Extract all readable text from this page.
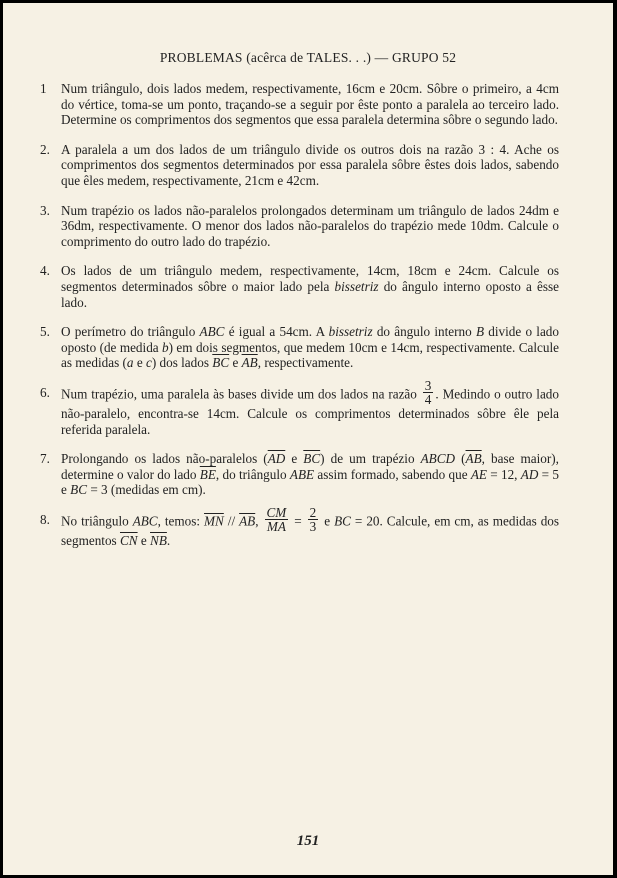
PROBLEMAS (acêrca de TALES. . .) — GRUPO 52
1 Num triângulo, dois lados medem, respectivamente, 16cm e 20cm. Sôbre o primeiro, a 4cm do vértice, toma-se um ponto, traçando-se a seguir por êste ponto a paralela ao terceiro lado. Determine os comprimentos dos segmentos que essa paralela determina sôbre o segundo lado.
2. A paralela a um dos lados de um triângulo divide os outros dois na razão 3 : 4. Ache os comprimentos dos segmentos determinados por essa paralela sôbre êstes dois lados, sabendo que êles medem, respectivamente, 21cm e 42cm.
3. Num trapézio os lados não-paralelos prolongados determinam um triângulo de lados 24dm e 36dm, respectivamente. O menor dos lados não-paralelos do trapézio mede 10dm. Calcule o comprimento do outro lado do trapézio.
4. Os lados de um triângulo medem, respectivamente, 14cm, 18cm e 24cm. Calcule os segmentos determinados sôbre o maior lado pela bissetriz do ângulo interno oposto a êsse lado.
5. O perímetro do triângulo ABC é igual a 54cm. A bissetriz do ângulo interno B divide o lado oposto (de medida b) em dois segmentos, que medem 10cm e 14cm, respectivamente. Calcule as medidas (a e c) dos lados $\overline{BC}$ e $\overline{AB}$, respectivamente.
6. Num trapézio, uma paralela às bases divide um dos lados na razão $\frac{3}{4}$ . Medindo o outro lado não-paralelo, encontra-se 14cm. Calcule os comprimentos determinados sôbre êle pela referida paralela.
7. Prolongando os lados não-paralelos ($\overline{AD}$ e $\overline{BC}$) de um trapézio ABCD ($\overline{AB}$, base maior), determine o valor do lado $\overline{BE}$, do triângulo ABE assim formado, sabendo que AE = 12, AD = 5 e BC = 3 (medidas em cm).
8. No triângulo ABC, temos: $\overline{MN} // \overline{AB}$, $\frac{CM}{MA} = \frac{2}{3}$ e BC = 20. Calcule, em cm, as medidas dos segmentos $\overline{CN}$ e $\overline{NB}$.
151
